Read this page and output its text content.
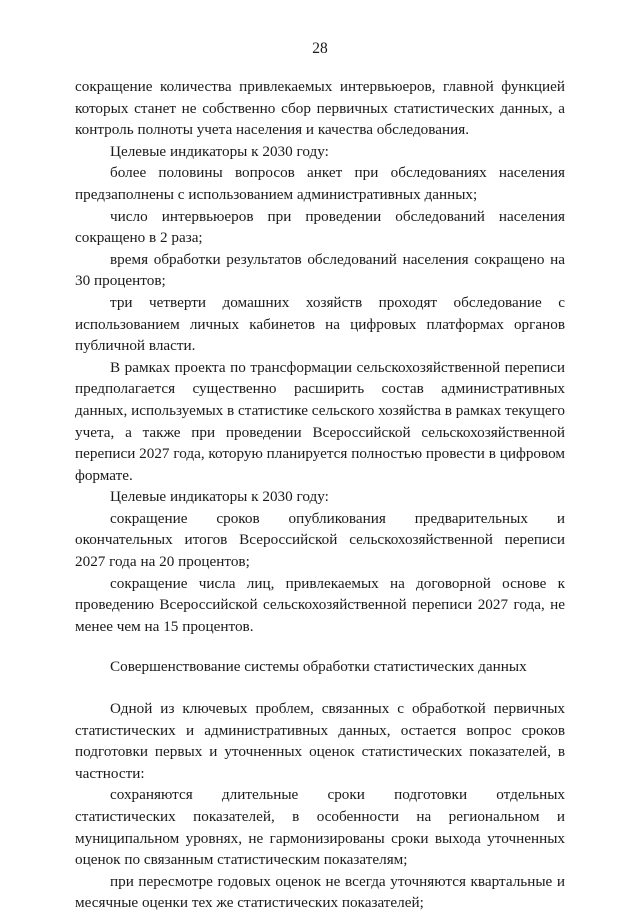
28

сокращение количества привлекаемых интервьюеров, главной функцией которых станет не собственно сбор первичных статистических данных, а контроль полноты учета населения и качества обследования.

Целевые индикаторы к 2030 году:

более половины вопросов анкет при обследованиях населения предзаполнены с использованием административных данных;

число интервьюеров при проведении обследований населения сокращено в 2 раза;

время обработки результатов обследований населения сокращено на 30 процентов;

три четверти домашних хозяйств проходят обследование с использованием личных кабинетов на цифровых платформах органов публичной власти.

В рамках проекта по трансформации сельскохозяйственной переписи предполагается существенно расширить состав административных данных, используемых в статистике сельского хозяйства в рамках текущего учета, а также при проведении Всероссийской сельскохозяйственной переписи 2027 года, которую планируется полностью провести в цифровом формате.

Целевые индикаторы к 2030 году:

сокращение сроков опубликования предварительных и окончательных итогов Всероссийской сельскохозяйственной переписи 2027 года на 20 процентов;

сокращение числа лиц, привлекаемых на договорной основе к проведению Всероссийской сельскохозяйственной переписи 2027 года, не менее чем на 15 процентов.

Совершенствование системы обработки статистических данных

Одной из ключевых проблем, связанных с обработкой первичных статистических и административных данных, остается вопрос сроков подготовки первых и уточненных оценок статистических показателей, в частности:

сохраняются длительные сроки подготовки отдельных статистических показателей, в особенности на региональном и муниципальном уровнях, не гармонизированы сроки выхода уточненных оценок по связанным статистическим показателям;

при пересмотре годовых оценок не всегда уточняются квартальные и месячные оценки тех же статистических показателей;
